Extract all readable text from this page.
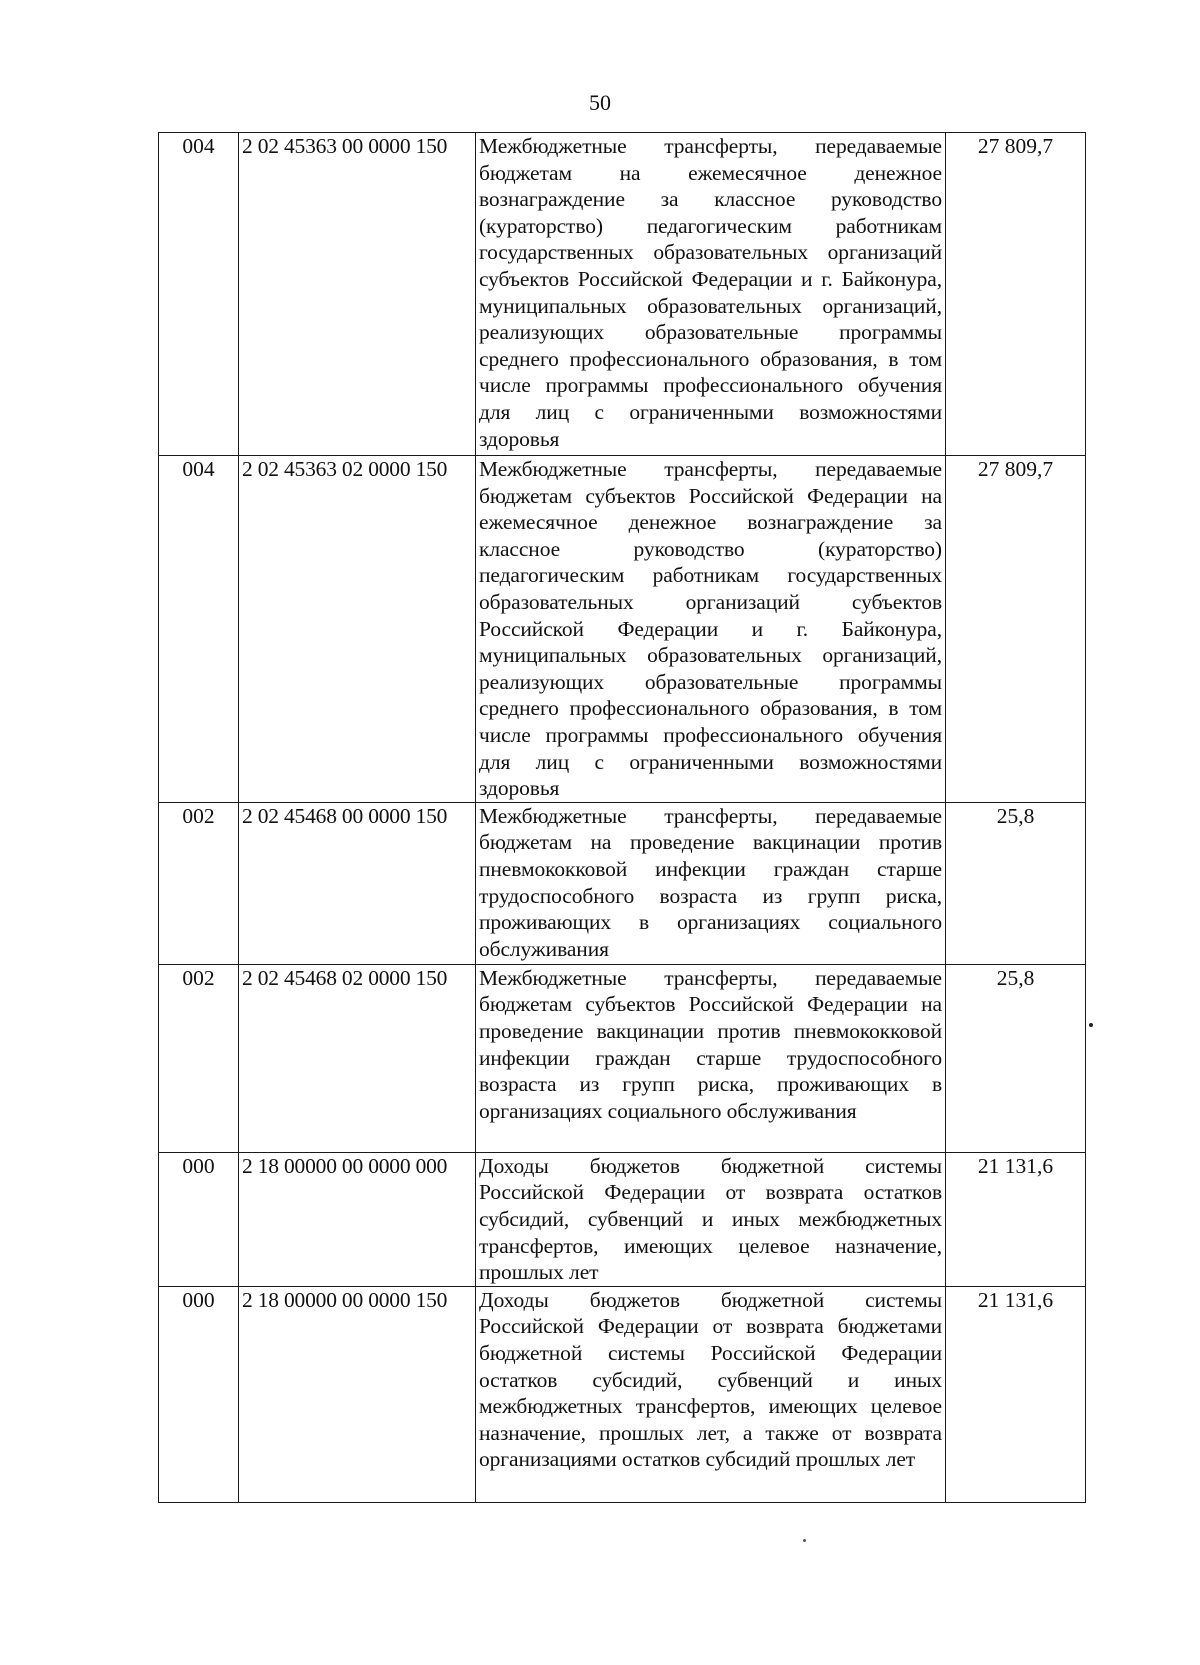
50
004	2 02 45363 00 0000 150	Межбюджетные трансферты, передаваемые бюджетам на ежемесячное денежное вознаграждение за классное руководство (кураторство) педагогическим работникам государственных образовательных организаций субъектов Российской Федерации и г. Байконура, муниципальных образовательных организаций, реализующих образовательные программы среднего профессионального образования, в том числе программы профессионального обучения для лиц с ограниченными возможностями здоровья	27 809,7
004	2 02 45363 02 0000 150	Межбюджетные трансферты, передаваемые бюджетам субъектов Российской Федерации на ежемесячное денежное вознаграждение за классное руководство (кураторство) педагогическим работникам государственных образовательных организаций субъектов Российской Федерации и г. Байконура, муниципальных образовательных организаций, реализующих образовательные программы среднего профессионального образования, в том числе программы профессионального обучения для лиц с ограниченными возможностями здоровья	27 809,7
002	2 02 45468 00 0000 150	Межбюджетные трансферты, передаваемые бюджетам на проведение вакцинации против пневмококковой инфекции граждан старше трудоспособного возраста из групп риска, проживающих в организациях социального обслуживания	25,8
002	2 02 45468 02 0000 150	Межбюджетные трансферты, передаваемые бюджетам субъектов Российской Федерации на проведение вакцинации против пневмококковой инфекции граждан старше трудоспособного возраста из групп риска, проживающих в организациях социального обслуживания	25,8
000	2 18 00000 00 0000 000	Доходы бюджетов бюджетной системы Российской Федерации от возврата остатков субсидий, субвенций и иных межбюджетных трансфертов, имеющих целевое назначение, прошлых лет	21 131,6
000	2 18 00000 00 0000 150	Доходы бюджетов бюджетной системы Российской Федерации от возврата бюджетами бюджетной системы Российской Федерации остатков субсидий, субвенций и иных межбюджетных трансфертов, имеющих целевое назначение, прошлых лет, а также от возврата организациями остатков субсидий прошлых лет	21 131,6
